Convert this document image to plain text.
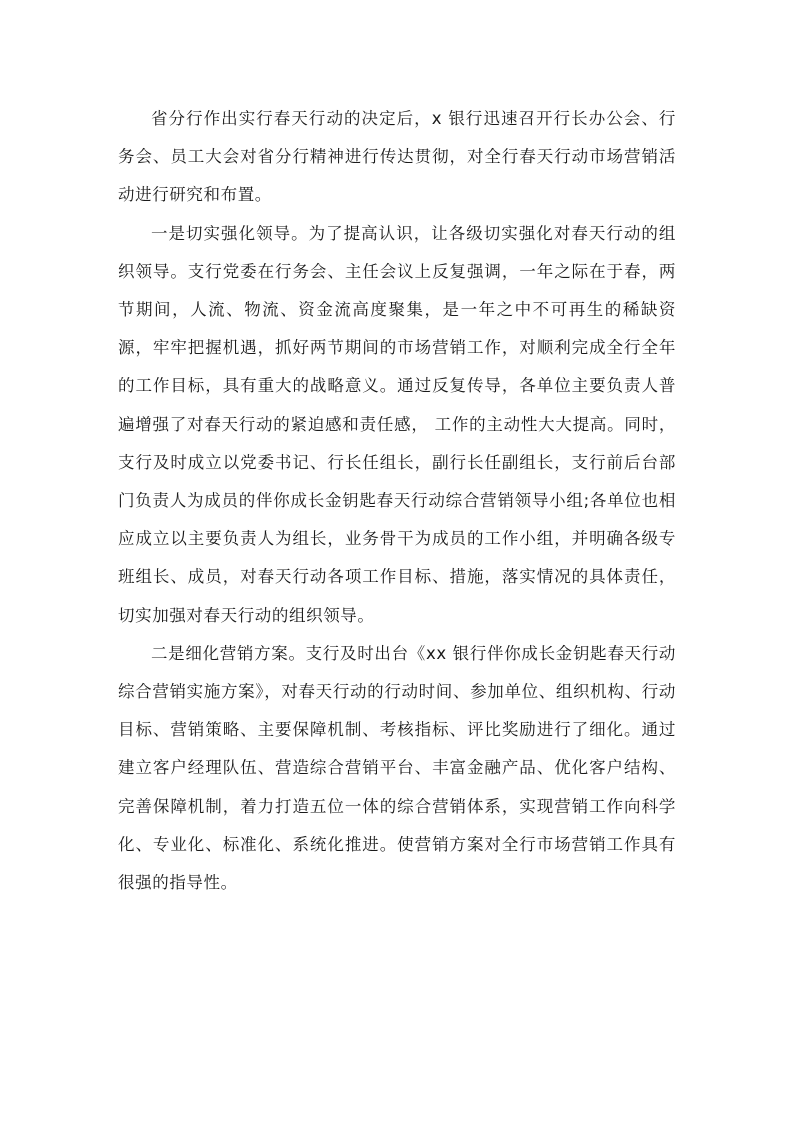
省分行作出实行春天行动的决定后，x 银行迅速召开行长办公会、行务会、员工大会对省分行精神进行传达贯彻，对全行春天行动市场营销活动进行研究和布置。

一是切实强化领导。为了提高认识，让各级切实强化对春天行动的组织领导。支行党委在行务会、主任会议上反复强调，一年之际在于春，两节期间，人流、物流、资金流高度聚集，是一年之中不可再生的稀缺资源，牢牢把握机遇，抓好两节期间的市场营销工作，对顺利完成全行全年的工作目标，具有重大的战略意义。通过反复传导，各单位主要负责人普遍增强了对春天行动的紧迫感和责任感， 工作的主动性大大提高。同时，支行及时成立以党委书记、行长任组长，副行长任副组长，支行前后台部门负责人为成员的伴你成长金钥匙春天行动综合营销领导小组;各单位也相应成立以主要负责人为组长，业务骨干为成员的工作小组，并明确各级专班组长、成员，对春天行动各项工作目标、措施，落实情况的具体责任，切实加强对春天行动的组织领导。

二是细化营销方案。支行及时出台《xx 银行伴你成长金钥匙春天行动综合营销实施方案》，对春天行动的行动时间、参加单位、组织机构、行动目标、营销策略、主要保障机制、考核指标、评比奖励进行了细化。通过建立客户经理队伍、营造综合营销平台、丰富金融产品、优化客户结构、完善保障机制，着力打造五位一体的综合营销体系，实现营销工作向科学化、专业化、标准化、系统化推进。使营销方案对全行市场营销工作具有很强的指导性。
